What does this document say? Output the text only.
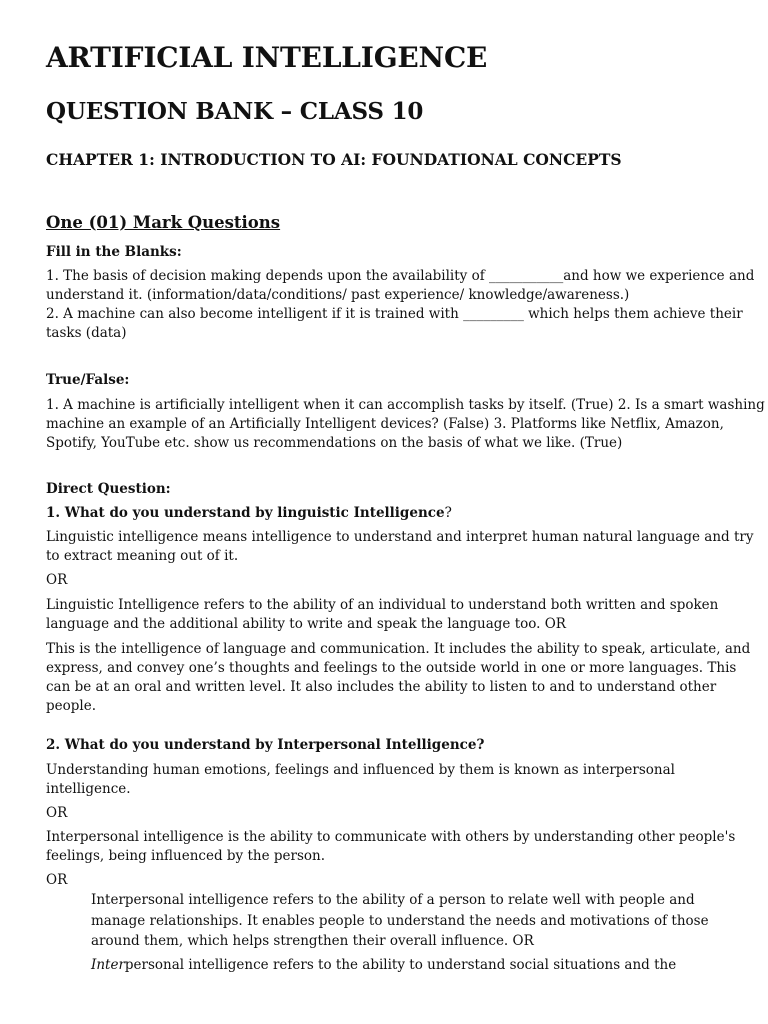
ARTIFICIAL INTELLIGENCE
QUESTION BANK – CLASS 10
CHAPTER 1: INTRODUCTION TO AI: FOUNDATIONAL CONCEPTS
One (01) Mark Questions
Fill in the Blanks:
1. The basis of decision making depends upon the availability of ___________and how we experience and
understand it. (information/data/conditions/ past experience/ knowledge/awareness.)
2. A machine can also become intelligent if it is trained with _________ which helps them achieve their
tasks (data)
True/False:
1. A machine is artificially intelligent when it can accomplish tasks by itself. (True) 2. Is a smart washing
machine an example of an Artificially Intelligent devices? (False) 3. Platforms like Netflix, Amazon,
Spotify, YouTube etc. show us recommendations on the basis of what we like. (True)
Direct Question:
1. What do you understand by linguistic Intelligence?
Linguistic intelligence means intelligence to understand and interpret human natural language and try
to extract meaning out of it.
OR
Linguistic Intelligence refers to the ability of an individual to understand both written and spoken
language and the additional ability to write and speak the language too. OR
This is the intelligence of language and communication. It includes the ability to speak, articulate, and
express, and convey one’s thoughts and feelings to the outside world in one or more languages. This
can be at an oral and written level. It also includes the ability to listen to and to understand other
people.
2. What do you understand by Interpersonal Intelligence?
Understanding human emotions, feelings and influenced by them is known as interpersonal
intelligence.
OR
Interpersonal intelligence is the ability to communicate with others by understanding other people's
feelings, being influenced by the person.
OR
Interpersonal intelligence refers to the ability of a person to relate well with people and
manage relationships. It enables people to understand the needs and motivations of those
around them, which helps strengthen their overall influence. OR
Interpersonal intelligence refers to the ability to understand social situations and the
